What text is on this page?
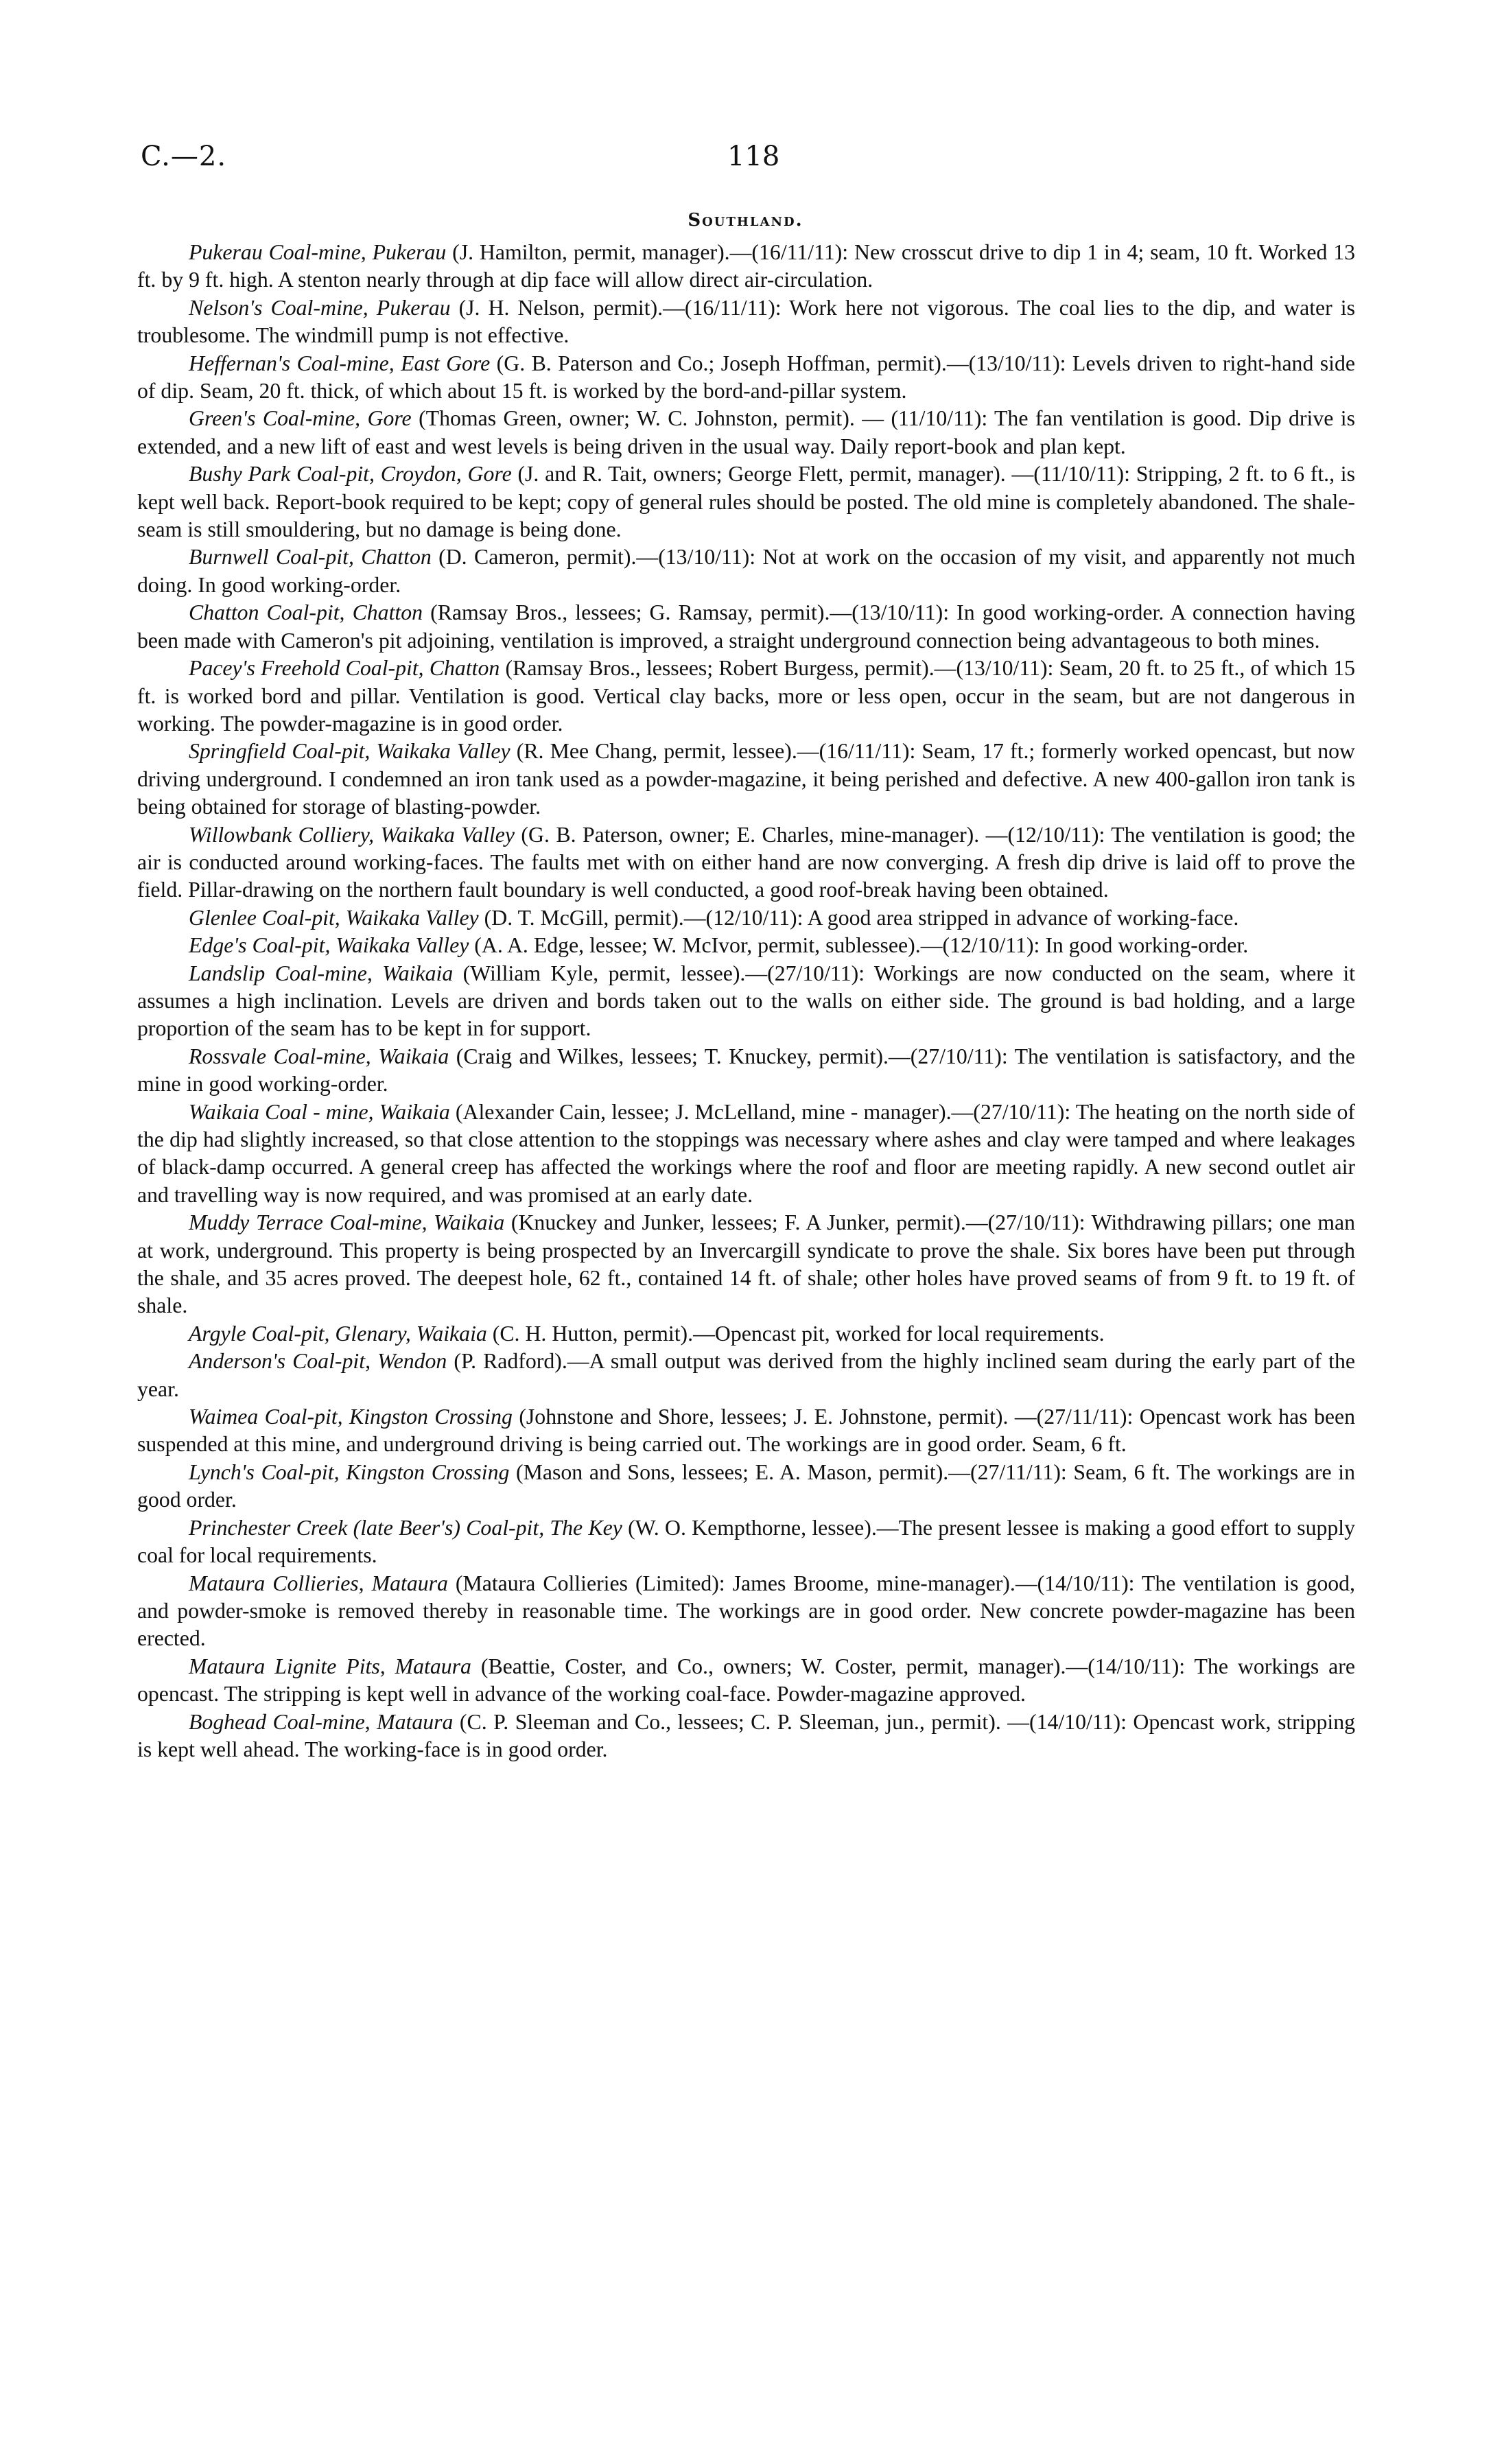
C.—2.	118
Southland.

Pukerau Coal-mine, Pukerau (J. Hamilton, permit, manager).—(16/11/11): New crosscut drive to dip 1 in 4; seam, 10 ft. Worked 13 ft. by 9 ft. high. A stenton nearly through at dip face will allow direct air-circulation.

Nelson's Coal-mine, Pukerau (J. H. Nelson, permit).—(16/11/11): Work here not vigorous. The coal lies to the dip, and water is troublesome. The windmill pump is not effective.

Heffernan's Coal-mine, East Gore (G. B. Paterson and Co.; Joseph Hoffman, permit).—(13/10/11): Levels driven to right-hand side of dip. Seam, 20 ft. thick, of which about 15 ft. is worked by the bord-and-pillar system.

Green's Coal-mine, Gore (Thomas Green, owner; W. C. Johnston, permit). — (11/10/11): The fan ventilation is good. Dip drive is extended, and a new lift of east and west levels is being driven in the usual way. Daily report-book and plan kept.

Bushy Park Coal-pit, Croydon, Gore (J. and R. Tait, owners; George Flett, permit, manager). —(11/10/11): Stripping, 2 ft. to 6 ft., is kept well back. Report-book required to be kept; copy of general rules should be posted. The old mine is completely abandoned. The shale-seam is still smouldering, but no damage is being done.

Burnwell Coal-pit, Chatton (D. Cameron, permit).—(13/10/11): Not at work on the occasion of my visit, and apparently not much doing. In good working-order.

Chatton Coal-pit, Chatton (Ramsay Bros., lessees; G. Ramsay, permit).—(13/10/11): In good working-order. A connection having been made with Cameron's pit adjoining, ventilation is improved, a straight underground connection being advantageous to both mines.

Pacey's Freehold Coal-pit, Chatton (Ramsay Bros., lessees; Robert Burgess, permit).—(13/10/11): Seam, 20 ft. to 25 ft., of which 15 ft. is worked bord and pillar. Ventilation is good. Vertical clay backs, more or less open, occur in the seam, but are not dangerous in working. The powder-magazine is in good order.

Springfield Coal-pit, Waikaka Valley (R. Mee Chang, permit, lessee).—(16/11/11): Seam, 17 ft.; formerly worked opencast, but now driving underground. I condemned an iron tank used as a powder-magazine, it being perished and defective. A new 400-gallon iron tank is being obtained for storage of blasting-powder.

Willowbank Colliery, Waikaka Valley (G. B. Paterson, owner; E. Charles, mine-manager). —(12/10/11): The ventilation is good; the air is conducted around working-faces. The faults met with on either hand are now converging. A fresh dip drive is laid off to prove the field. Pillar-drawing on the northern fault boundary is well conducted, a good roof-break having been obtained.

Glenlee Coal-pit, Waikaka Valley (D. T. McGill, permit).—(12/10/11): A good area stripped in advance of working-face.

Edge's Coal-pit, Waikaka Valley (A. A. Edge, lessee; W. McIvor, permit, sublessee).—(12/10/11): In good working-order.

Landslip Coal-mine, Waikaia (William Kyle, permit, lessee).—(27/10/11): Workings are now conducted on the seam, where it assumes a high inclination. Levels are driven and bords taken out to the walls on either side. The ground is bad holding, and a large proportion of the seam has to be kept in for support.

Rossvale Coal-mine, Waikaia (Craig and Wilkes, lessees; T. Knuckey, permit).—(27/10/11): The ventilation is satisfactory, and the mine in good working-order.

Waikaia Coal - mine, Waikaia (Alexander Cain, lessee; J. McLelland, mine - manager).—(27/10/11): The heating on the north side of the dip had slightly increased, so that close attention to the stoppings was necessary where ashes and clay were tamped and where leakages of black-damp occurred. A general creep has affected the workings where the roof and floor are meeting rapidly. A new second outlet air and travelling way is now required, and was promised at an early date.

Muddy Terrace Coal-mine, Waikaia (Knuckey and Junker, lessees; F. A Junker, permit).—(27/10/11): Withdrawing pillars; one man at work, underground. This property is being prospected by an Invercargill syndicate to prove the shale. Six bores have been put through the shale, and 35 acres proved. The deepest hole, 62 ft., contained 14 ft. of shale; other holes have proved seams of from 9 ft. to 19 ft. of shale.

Argyle Coal-pit, Glenary, Waikaia (C. H. Hutton, permit).—Opencast pit, worked for local requirements.

Anderson's Coal-pit, Wendon (P. Radford).—A small output was derived from the highly inclined seam during the early part of the year.

Waimea Coal-pit, Kingston Crossing (Johnstone and Shore, lessees; J. E. Johnstone, permit). —(27/11/11): Opencast work has been suspended at this mine, and underground driving is being carried out. The workings are in good order. Seam, 6 ft.

Lynch's Coal-pit, Kingston Crossing (Mason and Sons, lessees; E. A. Mason, permit).—(27/11/11): Seam, 6 ft. The workings are in good order.

Princhester Creek (late Beer's) Coal-pit, The Key (W. O. Kempthorne, lessee).—The present lessee is making a good effort to supply coal for local requirements.

Mataura Collieries, Mataura (Mataura Collieries (Limited): James Broome, mine-manager).—(14/10/11): The ventilation is good, and powder-smoke is removed thereby in reasonable time. The workings are in good order. New concrete powder-magazine has been erected.

Mataura Lignite Pits, Mataura (Beattie, Coster, and Co., owners; W. Coster, permit, manager).—(14/10/11): The workings are opencast. The stripping is kept well in advance of the working coal-face. Powder-magazine approved.

Boghead Coal-mine, Mataura (C. P. Sleeman and Co., lessees; C. P. Sleeman, jun., permit). —(14/10/11): Opencast work, stripping is kept well ahead. The working-face is in good order.
